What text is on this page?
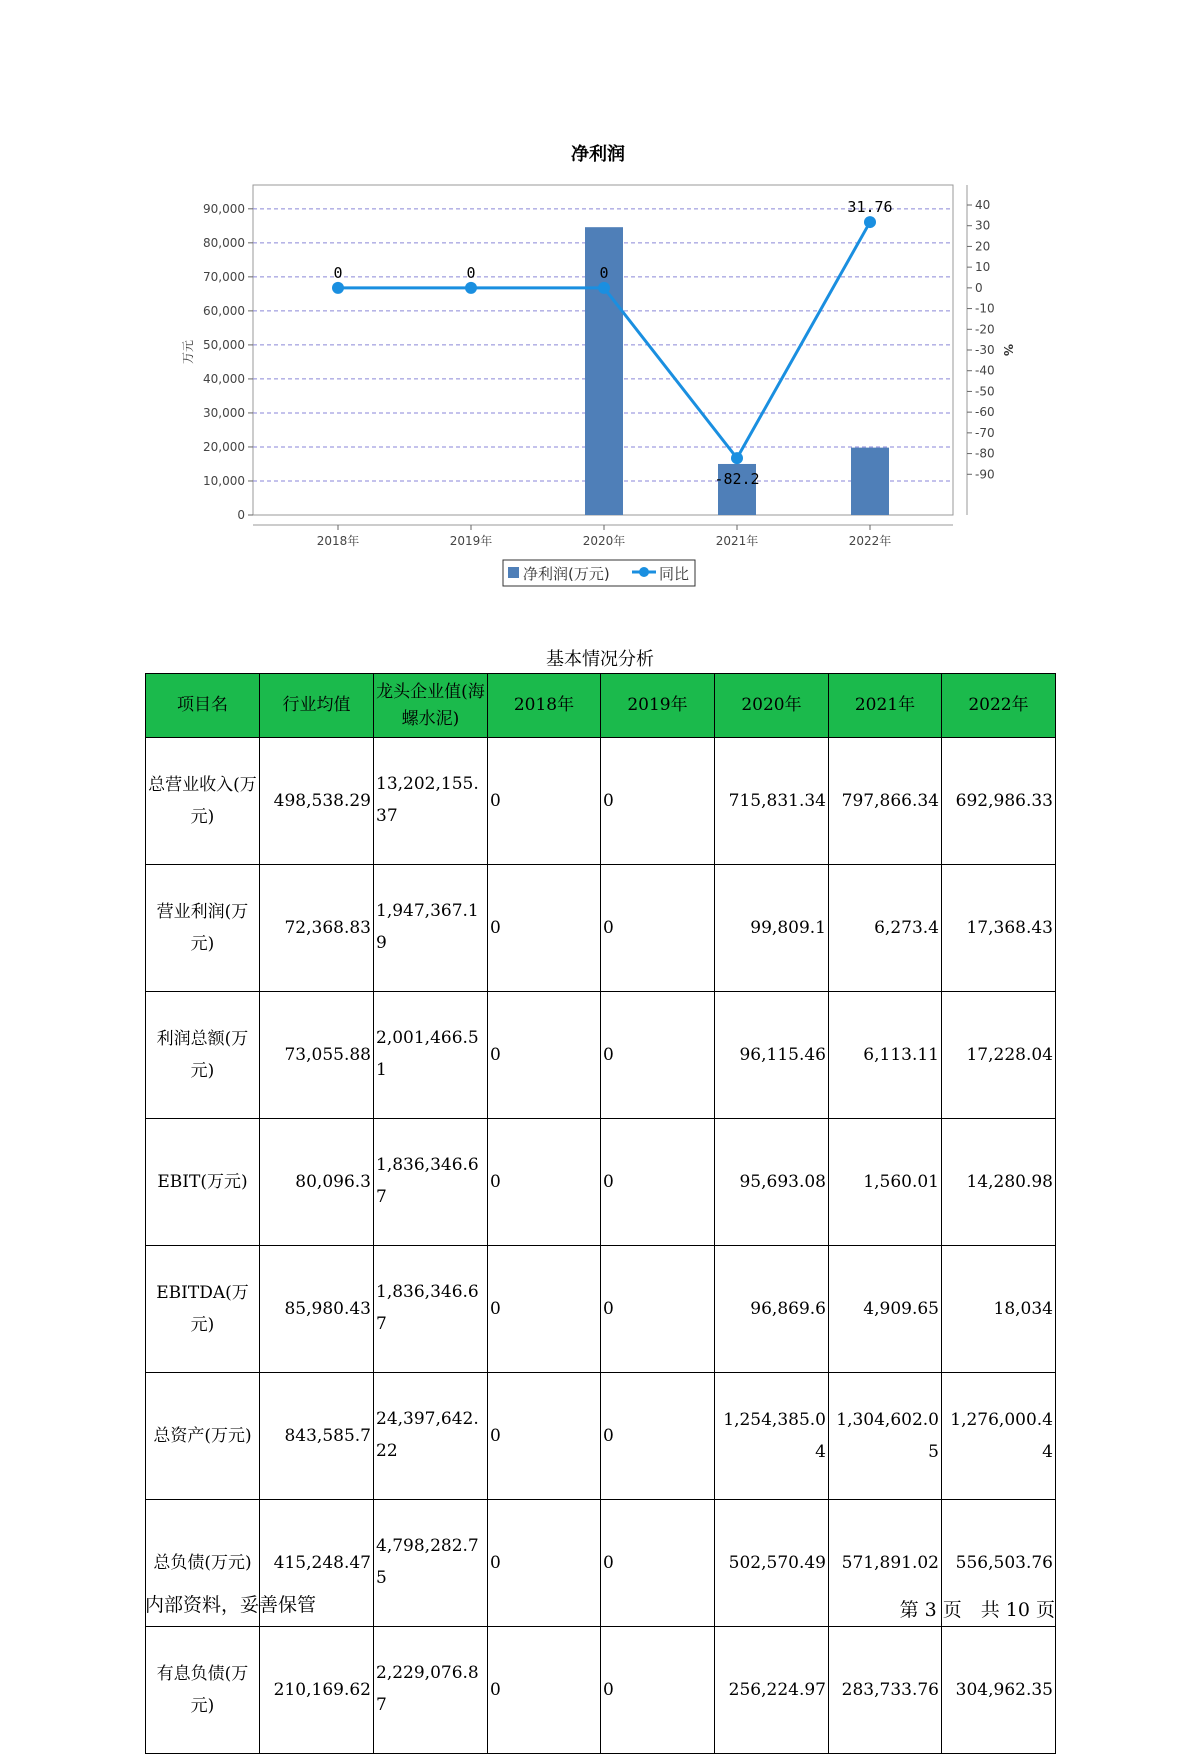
净利润
0	0	0
-82.2
31.76
0
10,000
20,000
30,000
40,000
50,000
60,000
70,000
80,000
90,000	40
30
20
10
0
-10
-20
-30
-40
-50
-60
-70
-80
-90
2018年	2019年	2020年	2021年	2022年
万元	%
净利润(万元)	同比
基本情况分析
项目名	行业均值	龙头企业值(海螺水泥)	2018年	2019年	2020年	2021年	2022年
总营业收入(万元)	498,538.29	13,202,155.37	0	0	715,831.34	797,866.34	692,986.33
营业利润(万元)	72,368.83	1,947,367.19	0	0	99,809.1	6,273.4	17,368.43
利润总额(万元)	73,055.88	2,001,466.51	0	0	96,115.46	6,113.11	17,228.04
EBIT(万元)	80,096.3	1,836,346.67	0	0	95,693.08	1,560.01	14,280.98
EBITDA(万元)	85,980.43	1,836,346.67	0	0	96,869.6	4,909.65	18,034
总资产(万元)	843,585.7	24,397,642.22	0	0	1,254,385.04	1,304,602.05	1,276,000.44
总负债(万元)	415,248.47	4,798,282.75	0	0	502,570.49	571,891.02	556,503.76
有息负债(万元)	210,169.62	2,229,076.87	0	0	256,224.97	283,733.76	304,962.35
内部资料，妥善保管	第 3 页　共 10 页
